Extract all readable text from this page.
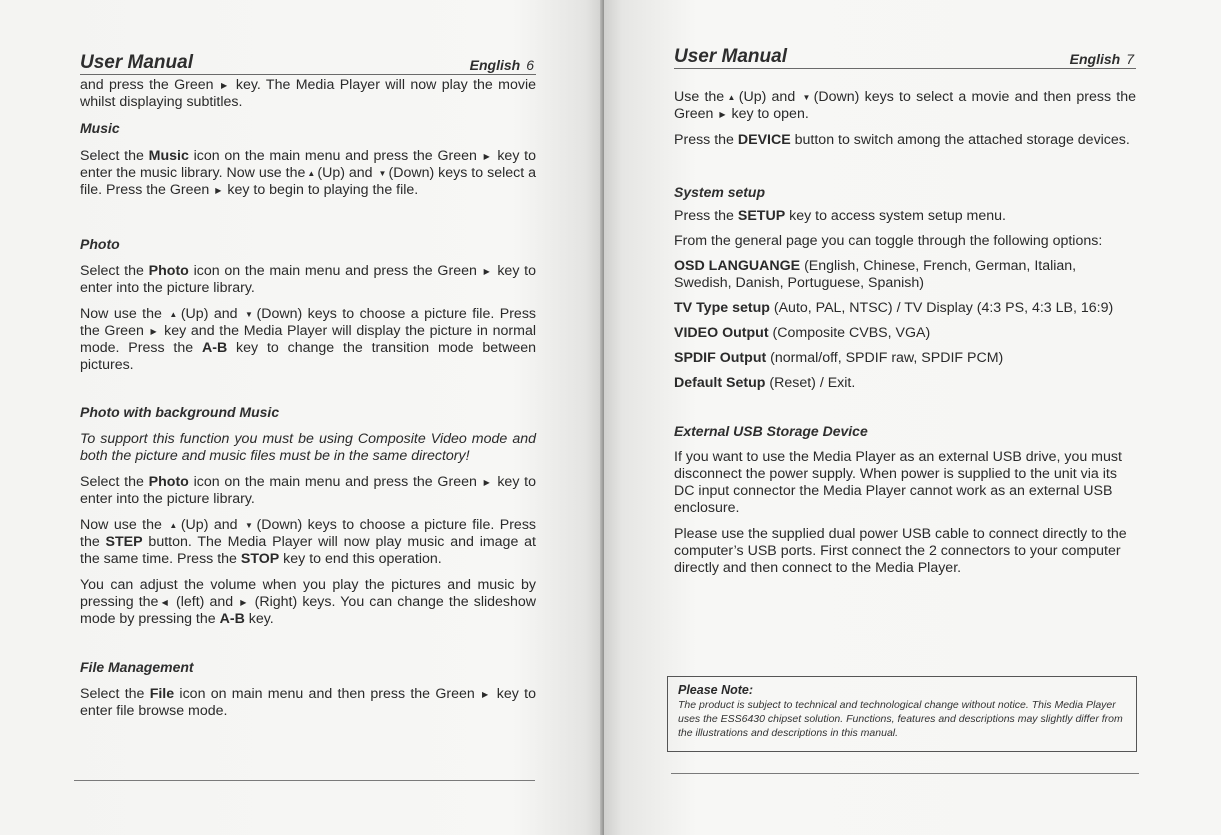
User Manual	English 6

and press the Green ▶ key. The Media Player will now play the movie whilst displaying subtitles.

Music

Select the Music icon on the main menu and press the Green ▶ key to enter the music library. Now use the ▲ (Up) and ▼ (Down) keys to select a file. Press the Green ▶ key to begin to playing the file.

Photo

Select the Photo icon on the main menu and press the Green ▶ key to enter into the picture library.

Now use the ▲ (Up) and ▼ (Down) keys to choose a picture file. Press the Green ▶ key and the Media Player will display the picture in normal mode. Press the A-B key to change the transition mode between pictures.

Photo with background Music

To support this function you must be using Composite Video mode and both the picture and music files must be in the same directory!

Select the Photo icon on the main menu and press the Green ▶ key to enter into the picture library.

Now use the ▲ (Up) and ▼ (Down) keys to choose a picture file. Press the STEP button. The Media Player will now play music and image at the same time. Press the STOP key to end this operation.

You can adjust the volume when you play the pictures and music by pressing the ◀ (left) and ▶ (Right) keys. You can change the slideshow mode by pressing the A-B key.

File Management

Select the File icon on main menu and then press the Green ▶ key to enter file browse mode.

User Manual	English 7

Use the ▲ (Up) and ▼ (Down) keys to select a movie and then press the Green ▶ key to open.

Press the DEVICE button to switch among the attached storage devices.

System setup

Press the SETUP key to access system setup menu.

From the general page you can toggle through the following options:

OSD LANGUANGE (English, Chinese, French, German, Italian, Swedish, Danish, Portuguese, Spanish)

TV Type setup (Auto, PAL, NTSC) / TV Display (4:3 PS, 4:3 LB, 16:9)

VIDEO Output (Composite CVBS, VGA)

SPDIF Output (normal/off, SPDIF raw, SPDIF PCM)

Default Setup (Reset) / Exit.

External USB Storage Device

If you want to use the Media Player as an external USB drive, you must disconnect the power supply. When power is supplied to the unit via its DC input connector the Media Player cannot work as an external USB enclosure.

Please use the supplied dual power USB cable to connect directly to the computer’s USB ports. First connect the 2 connectors to your computer directly and then connect to the Media Player.

Please Note:
The product is subject to technical and technological change without notice. This Media Player uses the ESS6430 chipset solution. Functions, features and descriptions may slightly differ from the illustrations and descriptions in this manual.
